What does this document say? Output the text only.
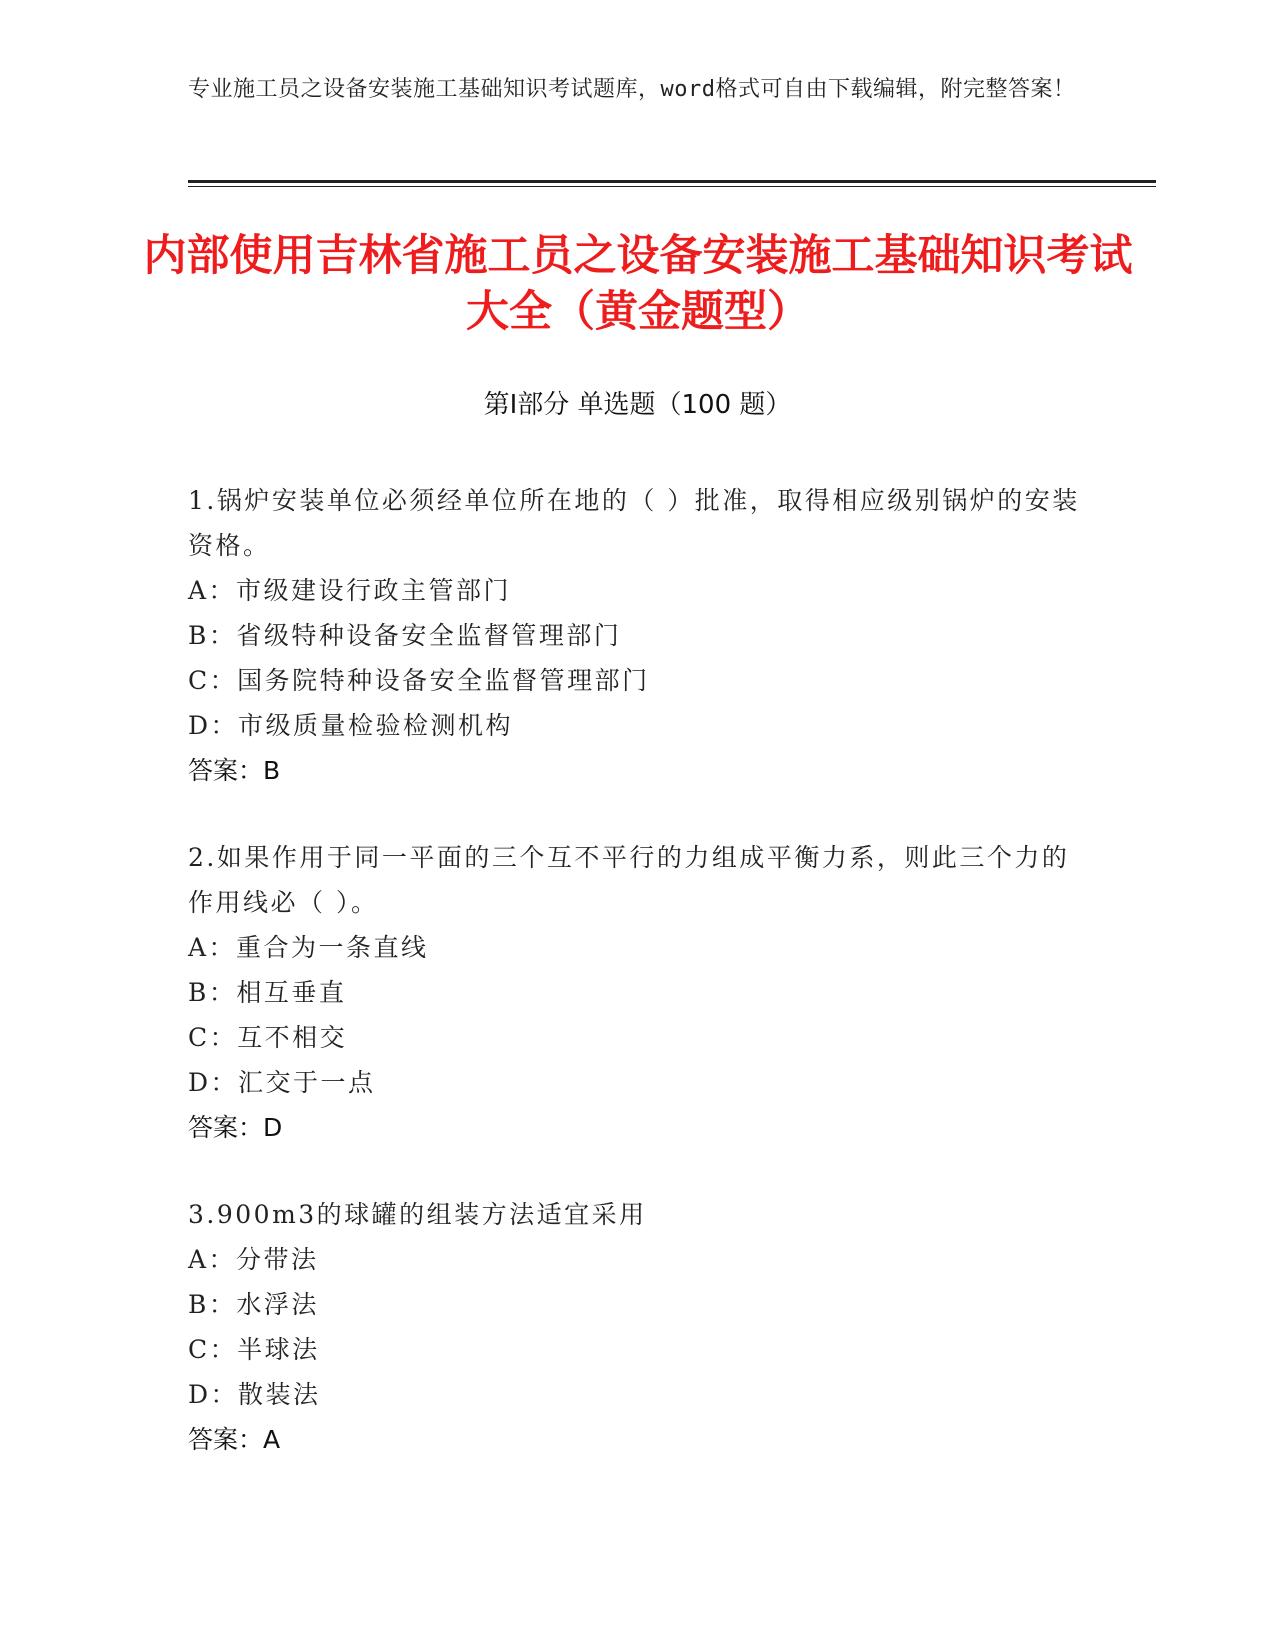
专业施工员之设备安装施工基础知识考试题库，word格式可自由下载编辑，附完整答案！
内部使用吉林省施工员之设备安装施工基础知识考试大全（黄金题型）
第Ⅰ部分 单选题（100 题）
1.锅炉安装单位必须经单位所在地的（ ）批准，取得相应级别锅炉的安装资格。
A：市级建设行政主管部门
B：省级特种设备安全监督管理部门
C：国务院特种设备安全监督管理部门
D：市级质量检验检测机构
答案：B
2.如果作用于同一平面的三个互不平行的力组成平衡力系，则此三个力的作用线必（ ）。
A：重合为一条直线
B：相互垂直
C：互不相交
D：汇交于一点
答案：D
3.900m3的球罐的组装方法适宜采用
A：分带法
B：水浮法
C：半球法
D：散装法
答案：A
